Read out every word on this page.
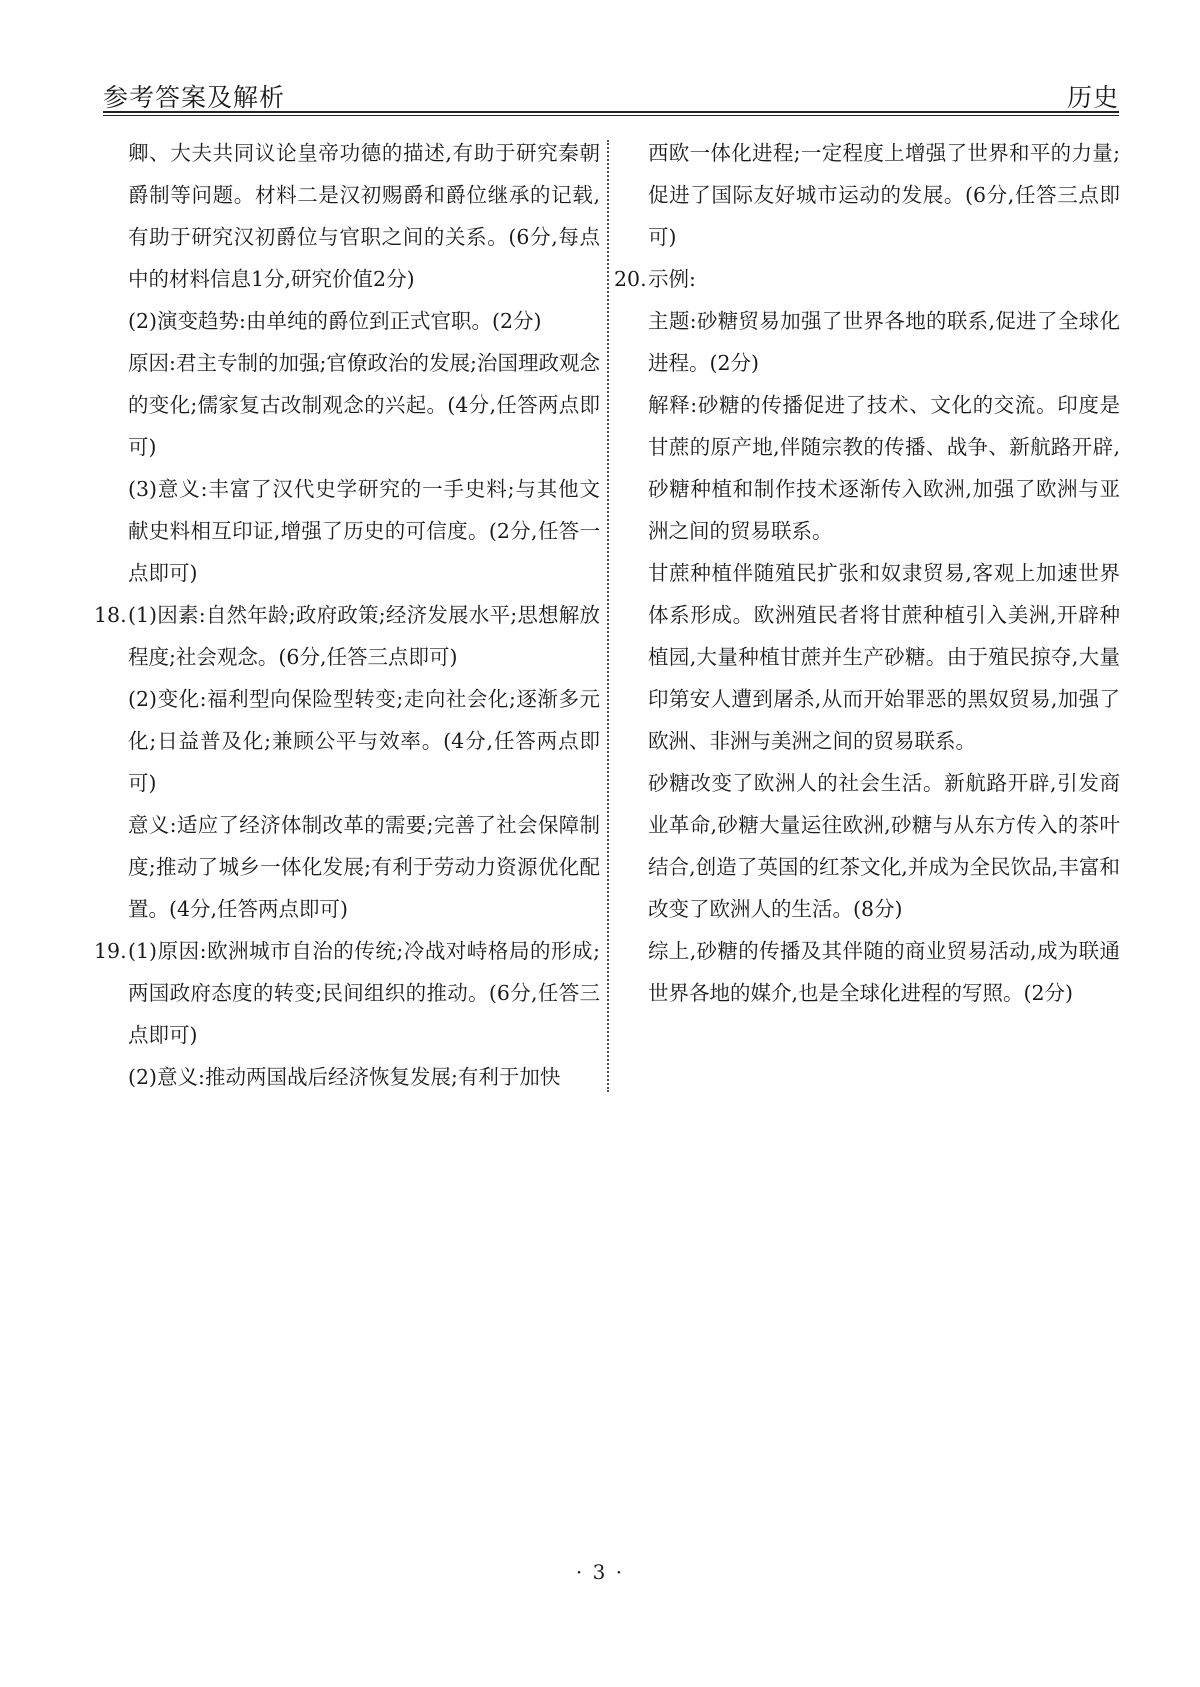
参考答案及解析	历史

卿、大夫共同议论皇帝功德的描述,有助于研究秦朝爵制等问题。材料二是汉初赐爵和爵位继承的记载,有助于研究汉初爵位与官职之间的关系。(6分,每点中的材料信息1分,研究价值2分)

(2)演变趋势:由单纯的爵位到正式官职。(2分)

原因:君主专制的加强;官僚政治的发展;治国理政观念的变化;儒家复古改制观念的兴起。(4分,任答两点即可)

(3)意义:丰富了汉代史学研究的一手史料;与其他文献史料相互印证,增强了历史的可信度。(2分,任答一点即可)

18. (1)因素:自然年龄;政府政策;经济发展水平;思想解放程度;社会观念。(6分,任答三点即可)

(2)变化:福利型向保险型转变;走向社会化;逐渐多元化;日益普及化;兼顾公平与效率。(4分,任答两点即可)

意义:适应了经济体制改革的需要;完善了社会保障制度;推动了城乡一体化发展;有利于劳动力资源优化配置。(4分,任答两点即可)

19. (1)原因:欧洲城市自治的传统;冷战对峙格局的形成;两国政府态度的转变;民间组织的推动。(6分,任答三点即可)

(2)意义:推动两国战后经济恢复发展;有利于加快

西欧一体化进程;一定程度上增强了世界和平的力量;促进了国际友好城市运动的发展。(6分,任答三点即可)

20. 示例:

主题:砂糖贸易加强了世界各地的联系,促进了全球化进程。(2分)

解释:砂糖的传播促进了技术、文化的交流。印度是甘蔗的原产地,伴随宗教的传播、战争、新航路开辟,砂糖种植和制作技术逐渐传入欧洲,加强了欧洲与亚洲之间的贸易联系。

甘蔗种植伴随殖民扩张和奴隶贸易,客观上加速世界体系形成。欧洲殖民者将甘蔗种植引入美洲,开辟种植园,大量种植甘蔗并生产砂糖。由于殖民掠夺,大量印第安人遭到屠杀,从而开始罪恶的黑奴贸易,加强了欧洲、非洲与美洲之间的贸易联系。

砂糖改变了欧洲人的社会生活。新航路开辟,引发商业革命,砂糖大量运往欧洲,砂糖与从东方传入的茶叶结合,创造了英国的红茶文化,并成为全民饮品,丰富和改变了欧洲人的生活。(8分)

综上,砂糖的传播及其伴随的商业贸易活动,成为联通世界各地的媒介,也是全球化进程的写照。(2分)

· 3 ·
